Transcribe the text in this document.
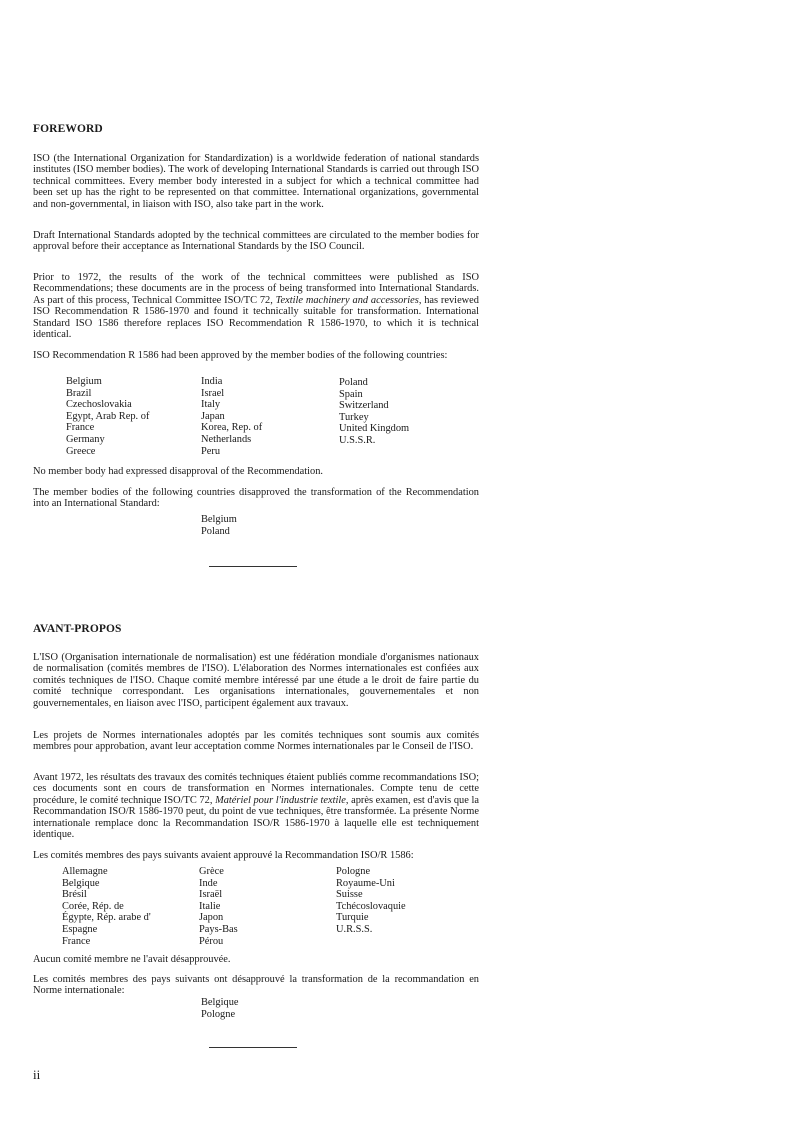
FOREWORD

ISO (the International Organization for Standardization) is a worldwide federation of national standards institutes (ISO member bodies). The work of developing International Standards is carried out through ISO technical committees. Every member body interested in a subject for which a technical committee had been set up has the right to be represented on that committee. International organizations, governmental and non-governmental, in liaison with ISO, also take part in the work.

Draft International Standards adopted by the technical committees are circulated to the member bodies for approval before their acceptance as International Standards by the ISO Council.

Prior to 1972, the results of the work of the technical committees were published as ISO Recommendations; these documents are in the process of being transformed into International Standards. As part of this process, Technical Committee ISO/TC 72, Textile machinery and accessories, has reviewed ISO Recommendation R 1586-1970 and found it technically suitable for transformation. International Standard ISO 1586 therefore replaces ISO Recommendation R 1586-1970, to which it is technical identical.

ISO Recommendation R 1586 had been approved by the member bodies of the following countries:

Belgium
Brazil
Czechoslovakia
Egypt, Arab Rep. of
France
Germany
Greece
India
Israel
Italy
Japan
Korea, Rep. of
Netherlands
Peru
Poland
Spain
Switzerland
Turkey
United Kingdom
U.S.S.R.

No member body had expressed disapproval of the Recommendation.

The member bodies of the following countries disapproved the transformation of the Recommendation into an International Standard:

Belgium
Poland
AVANT-PROPOS

L'ISO (Organisation internationale de normalisation) est une fédération mondiale d'organismes nationaux de normalisation (comités membres de l'ISO). L'élaboration des Normes internationales est confiées aux comités techniques de l'ISO. Chaque comité membre intéressé par une étude a le droit de faire partie du comité technique correspondant. Les organisations internationales, gouvernementales et non gouvernementales, en liaison avec l'ISO, participent également aux travaux.

Les projets de Normes internationales adoptés par les comités techniques sont soumis aux comités membres pour approbation, avant leur acceptation comme Normes internationales par le Conseil de l'ISO.

Avant 1972, les résultats des travaux des comités techniques étaient publiés comme recommandations ISO; ces documents sont en cours de transformation en Normes internationales. Compte tenu de cette procédure, le comité technique ISO/TC 72, Matériel pour l'industrie textile, après examen, est d'avis que la Recommandation ISO/R 1586-1970 peut, du point de vue techniques, être transformée. La présente Norme internationale remplace donc la Recommandation ISO/R 1586-1970 à laquelle elle est techniquement identique.

Les comités membres des pays suivants avaient approuvé la Recommandation ISO/R 1586:

Allemagne
Belgique
Brésil
Corée, Rép. de
Égypte, Rép. arabe d'
Espagne
France
Grèce
Inde
Israël
Italie
Japon
Pays-Bas
Pérou
Pologne
Royaume-Uni
Suisse
Tchécoslovaquie
Turquie
U.R.S.S.

Aucun comité membre ne l'avait désapprouvée.

Les comités membres des pays suivants ont désapprouvé la transformation de la recommandation en Norme internationale:

Belgique
Pologne
ii
